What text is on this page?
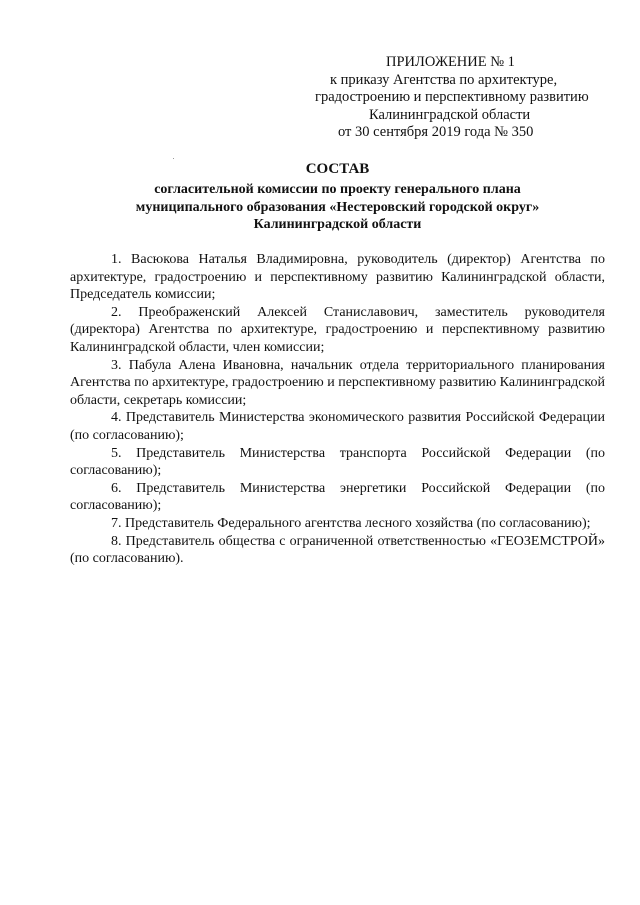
ПРИЛОЖЕНИЕ № 1
к приказу Агентства по архитектуре,
градостроению и перспективному развитию
Калининградской области
от 30 сентября 2019 года № 350
СОСТАВ
согласительной комиссии по проекту генерального плана
муниципального образования «Нестеровский городской округ»
Калининградской области

1. Васюкова Наталья Владимировна, руководитель (директор) Агентства по архитектуре, градостроению и перспективному развитию Калининградской области, Председатель комиссии;

2. Преображенский Алексей Станиславович, заместитель руководителя (директора) Агентства по архитектуре, градостроению и перспективному развитию Калининградской области, член комиссии;

3. Пабула Алена Ивановна, начальник отдела территориального планирования Агентства по архитектуре, градостроению и перспективному развитию Калининградской области, секретарь комиссии;

4. Представитель Министерства экономического развития Российской Федерации (по согласованию);

5. Представитель Министерства транспорта Российской Федерации (по согласованию);

6. Представитель Министерства энергетики Российской Федерации (по согласованию);

7. Представитель Федерального агентства лесного хозяйства (по согласованию);

8. Представитель общества с ограниченной ответственностью «ГЕОЗЕМСТРОЙ» (по согласованию).
